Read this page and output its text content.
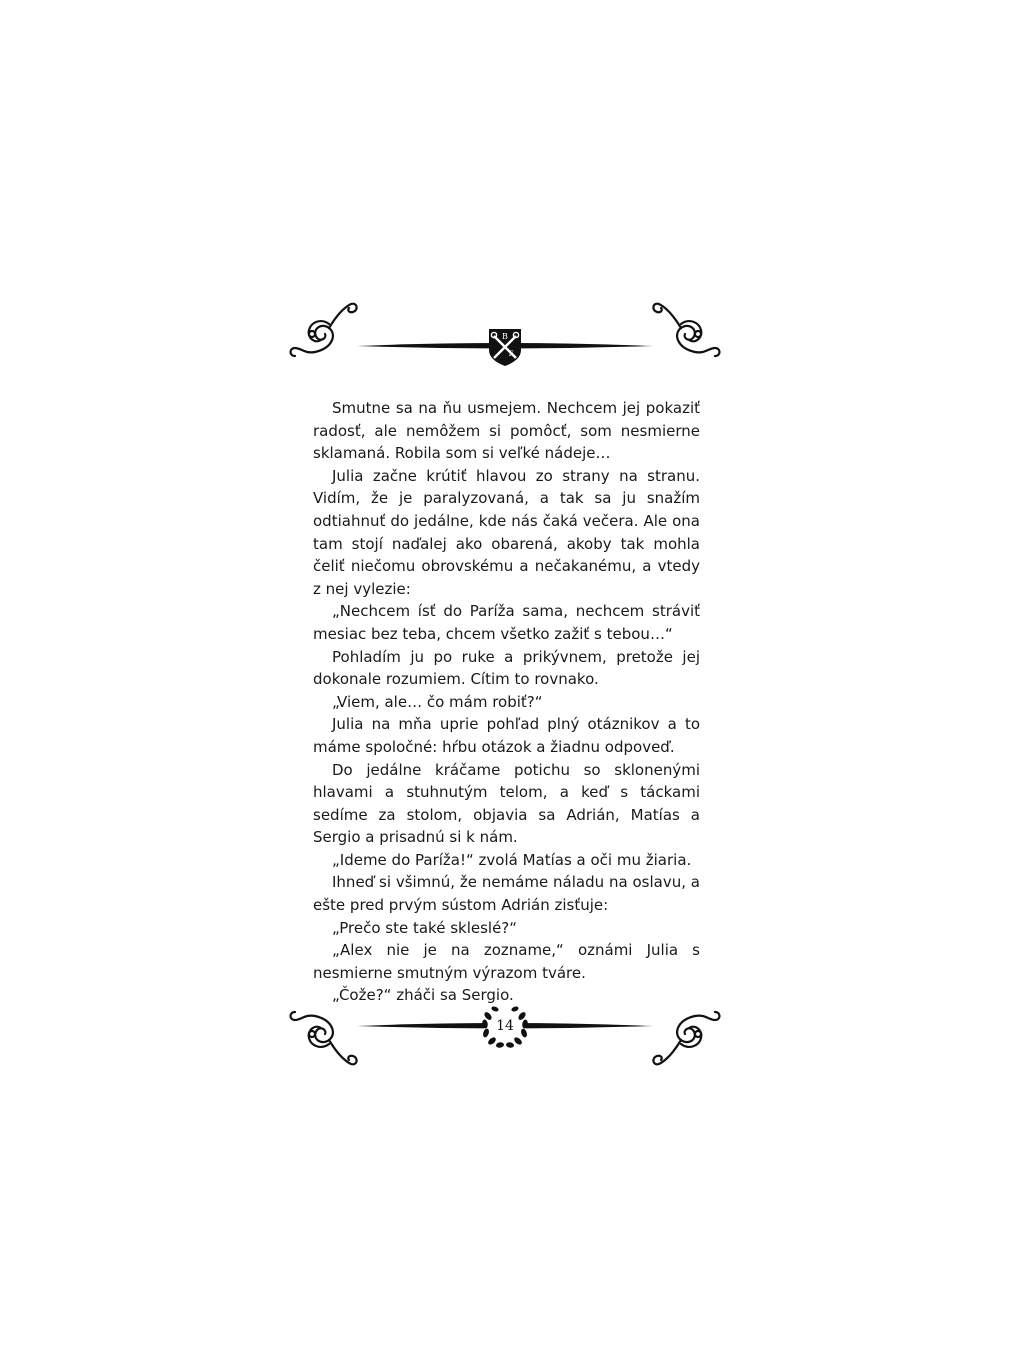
B
F

Smutne sa na ňu usmejem. Nechcem jej pokaziť radosť, ale nemôžem si pomôcť, som nesmierne sklamaná. Robila som si veľké nádeje…

Julia začne krútiť hlavou zo strany na stranu. Vidím, že je paralyzovaná, a tak sa ju snažím odtiahnuť do jedálne, kde nás čaká večera. Ale ona tam stojí naďalej ako obarená, akoby tak mohla čeliť niečomu obrovskému a nečakanému, a vtedy z nej vylezie:

„Nechcem ísť do Paríža sama, nechcem stráviť mesiac bez teba, chcem všetko zažiť s tebou…“

Pohladím ju po ruke a prikývnem, pretože jej dokonale rozumiem. Cítim to rovnako.

„Viem, ale… čo mám robiť?“

Julia na mňa uprie pohľad plný otáznikov a to máme spoločné: hŕbu otázok a žiadnu odpoveď.

Do jedálne kráčame potichu so sklonenými hlavami a stuhnutým telom, a keď s táckami sedíme za stolom, objavia sa Adrián, Matías a Sergio a prisadnú si k nám.

„Ideme do Paríža!“ zvolá Matías a oči mu žiaria.

Ihneď si všimnú, že nemáme náladu na oslavu, a ešte pred prvým sústom Adrián zisťuje:

„Prečo ste také skleslé?“

„Alex nie je na zozname,“ oznámi Julia s nesmierne smutným výrazom tváre.

„Čože?“ zháči sa Sergio.

14
